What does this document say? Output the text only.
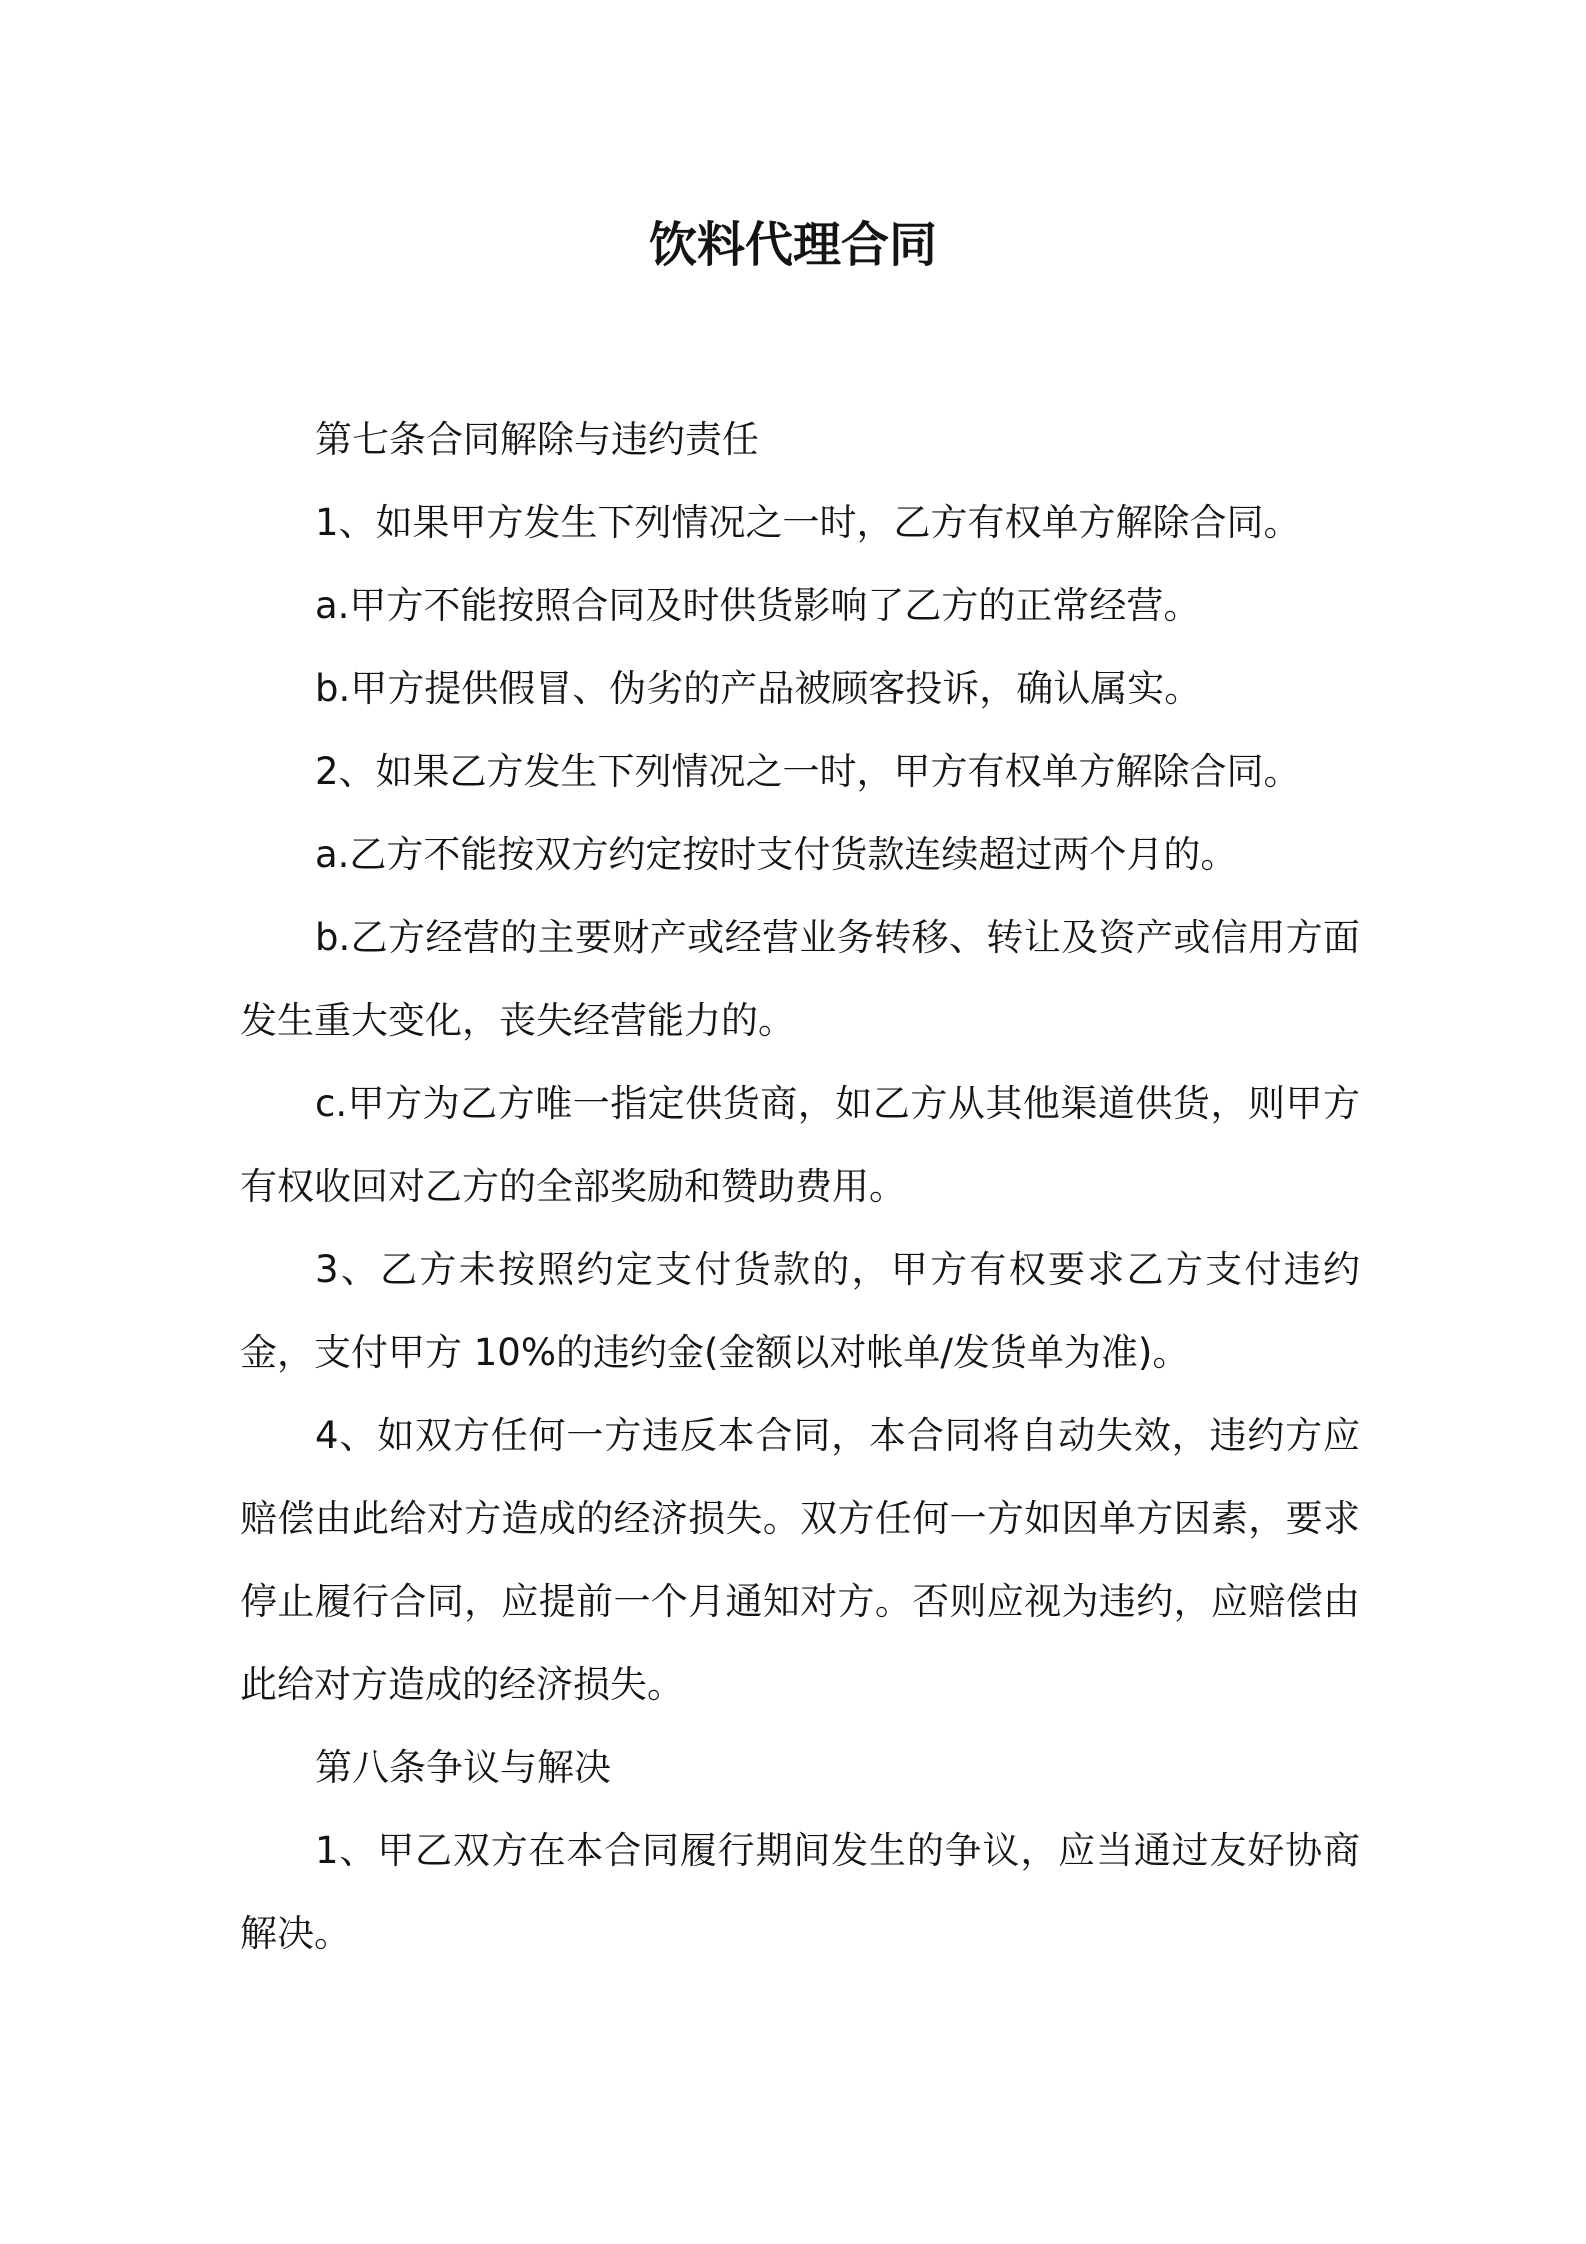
饮料代理合同

第七条合同解除与违约责任

1、如果甲方发生下列情况之一时，乙方有权单方解除合同。

a.甲方不能按照合同及时供货影响了乙方的正常经营。

b.甲方提供假冒、伪劣的产品被顾客投诉，确认属实。

2、如果乙方发生下列情况之一时，甲方有权单方解除合同。

a.乙方不能按双方约定按时支付货款连续超过两个月的。

b.乙方经营的主要财产或经营业务转移、转让及资产或信用方面发生重大变化，丧失经营能力的。

c.甲方为乙方唯一指定供货商，如乙方从其他渠道供货，则甲方有权收回对乙方的全部奖励和赞助费用。

3、乙方未按照约定支付货款的，甲方有权要求乙方支付违约金，支付甲方 10%的违约金(金额以对帐单/发货单为准)。

4、如双方任何一方违反本合同，本合同将自动失效，违约方应赔偿由此给对方造成的经济损失。双方任何一方如因单方因素，要求停止履行合同，应提前一个月通知对方。否则应视为违约，应赔偿由此给对方造成的经济损失。

第八条争议与解决

1、甲乙双方在本合同履行期间发生的争议，应当通过友好协商解决。
